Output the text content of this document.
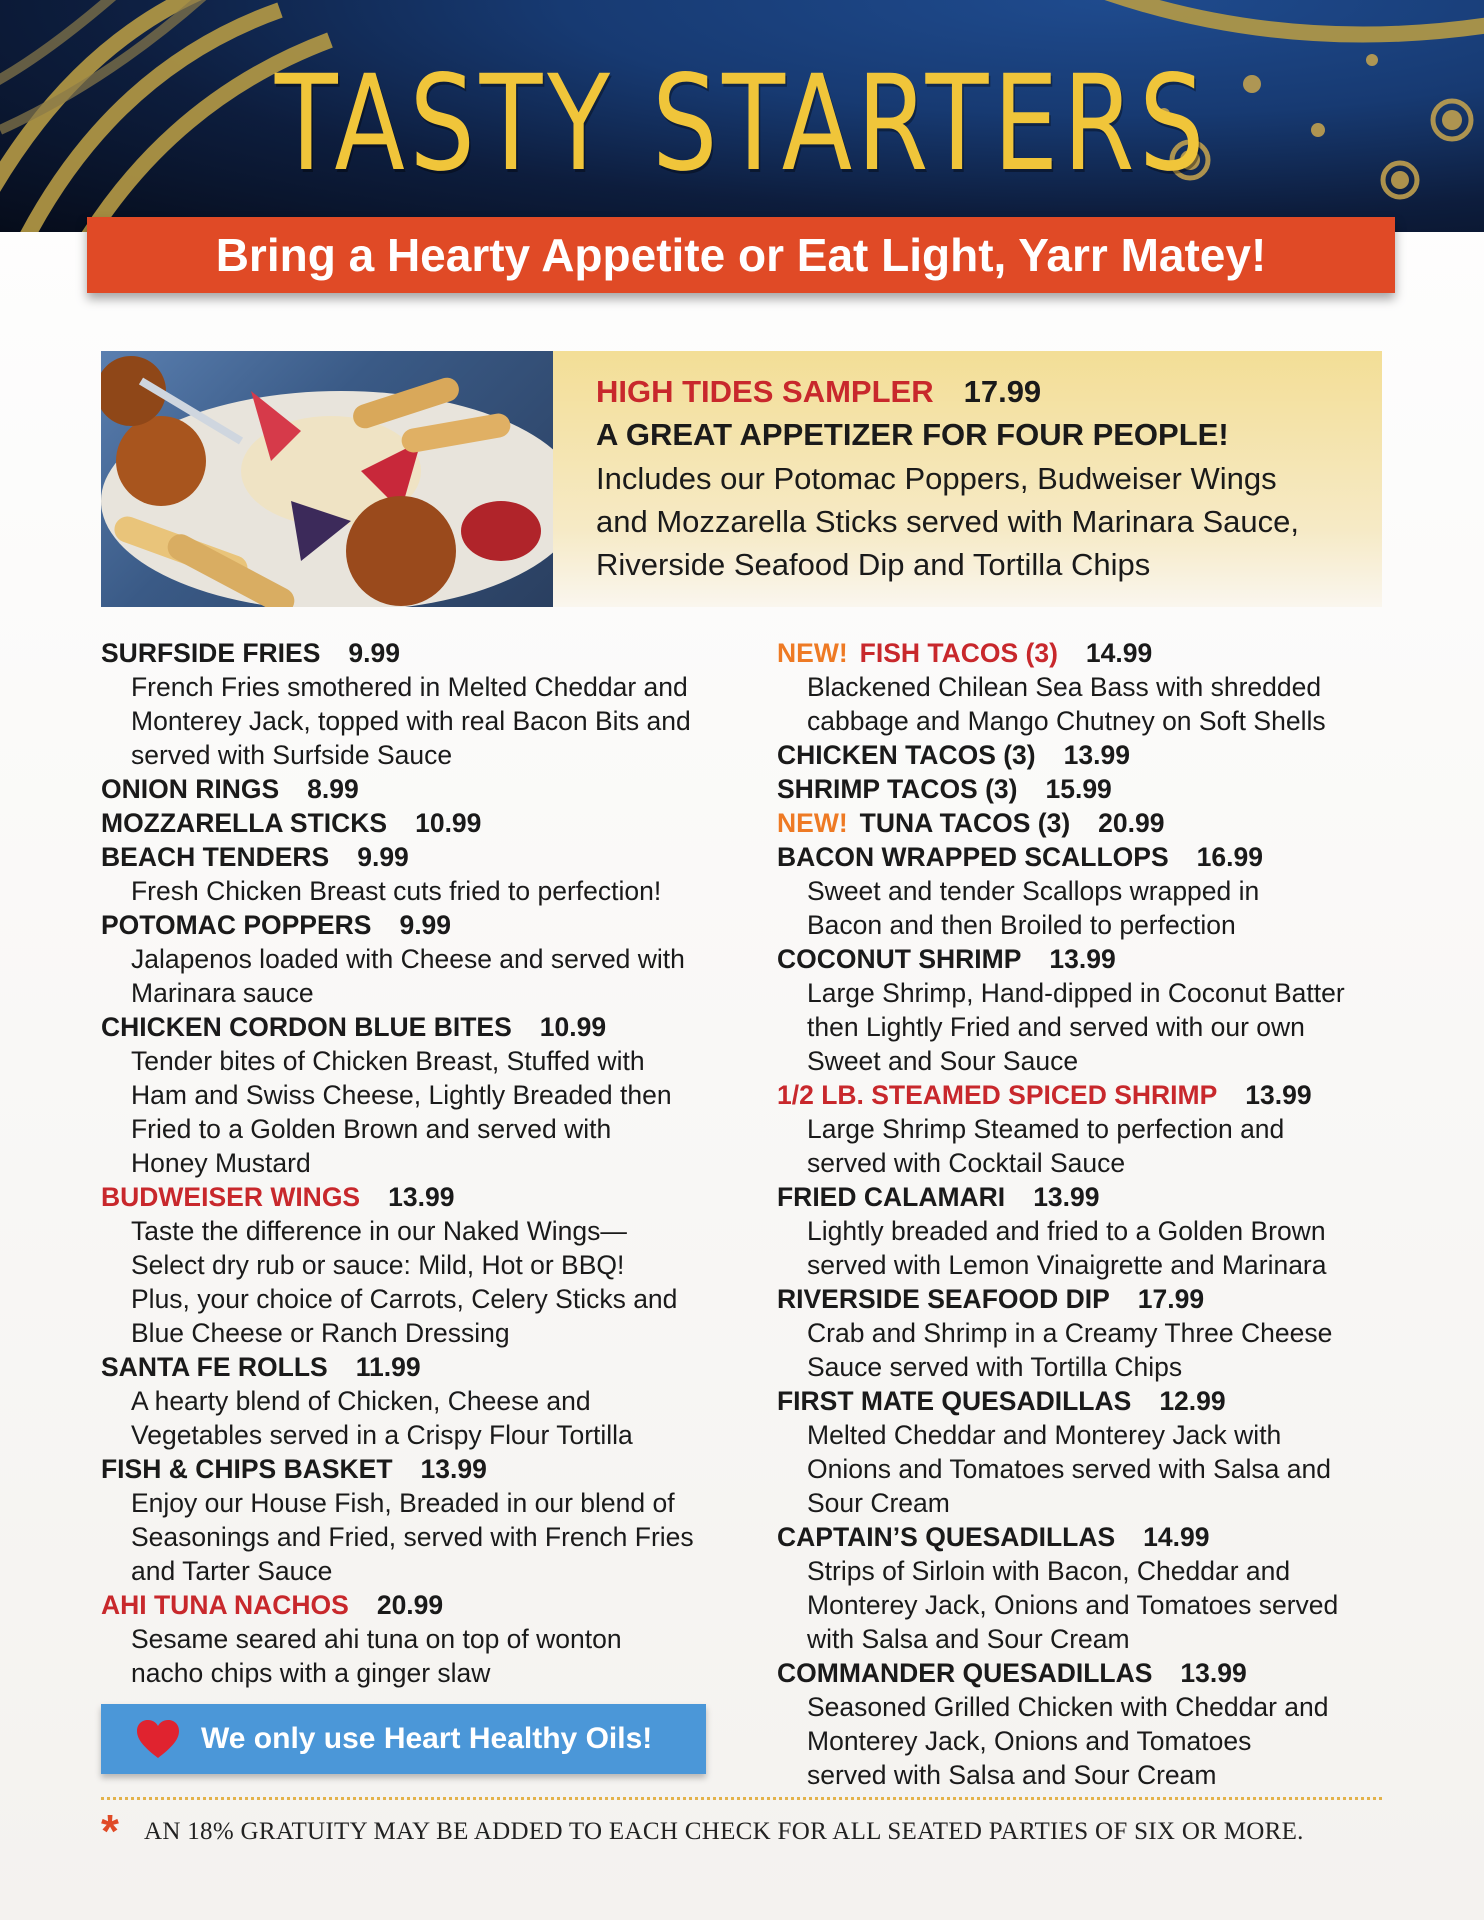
TASTY STARTERS
Bring a Hearty Appetite or Eat Light, Yarr Matey!
HIGH TIDES SAMPLER 17.99
A GREAT APPETIZER FOR FOUR PEOPLE!
Includes our Potomac Poppers, Budweiser Wings
and Mozzarella Sticks served with Marinara Sauce,
Riverside Seafood Dip and Tortilla Chips
SURFSIDE FRIES 9.99
French Fries smothered in Melted Cheddar and
Monterey Jack, topped with real Bacon Bits and
served with Surfside Sauce
ONION RINGS 8.99
MOZZARELLA STICKS 10.99
BEACH TENDERS 9.99
Fresh Chicken Breast cuts fried to perfection!
POTOMAC POPPERS 9.99
Jalapenos loaded with Cheese and served with
Marinara sauce
CHICKEN CORDON BLUE BITES 10.99
Tender bites of Chicken Breast, Stuffed with
Ham and Swiss Cheese, Lightly Breaded then
Fried to a Golden Brown and served with
Honey Mustard
BUDWEISER WINGS 13.99
Taste the difference in our Naked Wings—
Select dry rub or sauce: Mild, Hot or BBQ!
Plus, your choice of Carrots, Celery Sticks and
Blue Cheese or Ranch Dressing
SANTA FE ROLLS 11.99
A hearty blend of Chicken, Cheese and
Vegetables served in a Crispy Flour Tortilla
FISH & CHIPS BASKET 13.99
Enjoy our House Fish, Breaded in our blend of
Seasonings and Fried, served with French Fries
and Tarter Sauce
AHI TUNA NACHOS 20.99
Sesame seared ahi tuna on top of wonton
nacho chips with a ginger slaw
NEW! FISH TACOS (3) 14.99
Blackened Chilean Sea Bass with shredded
cabbage and Mango Chutney on Soft Shells
CHICKEN TACOS (3) 13.99
SHRIMP TACOS (3) 15.99
NEW! TUNA TACOS (3) 20.99
BACON WRAPPED SCALLOPS 16.99
Sweet and tender Scallops wrapped in
Bacon and then Broiled to perfection
COCONUT SHRIMP 13.99
Large Shrimp, Hand-dipped in Coconut Batter
then Lightly Fried and served with our own
Sweet and Sour Sauce
1/2 LB. STEAMED SPICED SHRIMP 13.99
Large Shrimp Steamed to perfection and
served with Cocktail Sauce
FRIED CALAMARI 13.99
Lightly breaded and fried to a Golden Brown
served with Lemon Vinaigrette and Marinara
RIVERSIDE SEAFOOD DIP 17.99
Crab and Shrimp in a Creamy Three Cheese
Sauce served with Tortilla Chips
FIRST MATE QUESADILLAS 12.99
Melted Cheddar and Monterey Jack with
Onions and Tomatoes served with Salsa and
Sour Cream
CAPTAIN’S QUESADILLAS 14.99
Strips of Sirloin with Bacon, Cheddar and
Monterey Jack, Onions and Tomatoes served
with Salsa and Sour Cream
COMMANDER QUESADILLAS 13.99
Seasoned Grilled Chicken with Cheddar and
Monterey Jack, Onions and Tomatoes
served with Salsa and Sour Cream
We only use Heart Healthy Oils!
* AN 18% GRATUITY MAY BE ADDED TO EACH CHECK FOR ALL SEATED PARTIES OF SIX OR MORE.
